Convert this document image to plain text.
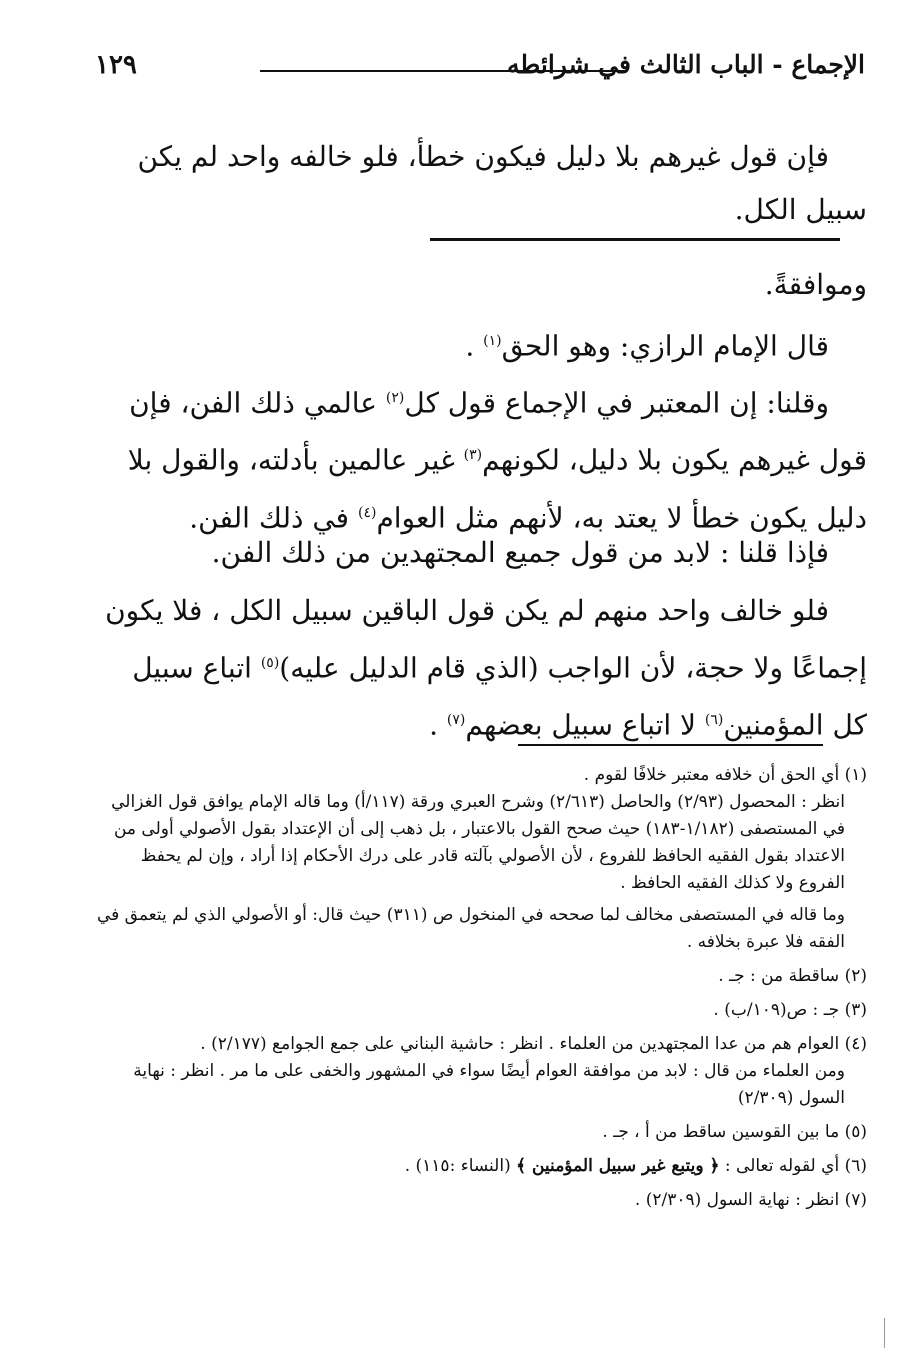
الإجماع - الباب الثالث في شرائطه
١٢٩
فإن قول غيرهم بلا دليل فيكون خطأ، فلو خالفه واحد لم يكن سبيل الكل.
وموافقةً.
قال الإمام الرازي: وهو الحق$^{(١)}$ .
وقلنا: إن المعتبر في الإجماع قول كل$^{(٢)}$ عالمي ذلك الفن، فإن قول غيرهم يكون بلا دليل، لكونهم$^{(٣)}$ غير عالمين بأدلته، والقول بلا دليل يكون خطأ لا يعتد به، لأنهم مثل العوام$^{(٤)}$ في ذلك الفن.
فإذا قلنا : لابد من قول جميع المجتهدين من ذلك الفن.
فلو خالف واحد منهم لم يكن قول الباقين سبيل الكل ، فلا يكون إجماعًا ولا حجة، لأن الواجب (الذي قام الدليل عليه)$^{(٥)}$ اتباع سبيل كل المؤمنين$^{(٦)}$ لا اتباع سبيل بعضهم$^{(٧)}$ .

(١) أي الحق أن خلافه معتبر خلافًا لقوم .

انظر : المحصول (٢/٩٣) والحاصل (٢/٦١٣) وشرح العبري ورقة (١١٧/أ) وما قاله الإمام يوافق قول الغزالي في المستصفى (١/١٨٢-١٨٣) حيث صحح القول بالاعتبار ، بل ذهب إلى أن الإعتداد بقول الأصولي أولى من الاعتداد بقول الفقيه الحافظ للفروع ، لأن الأصولي بآلته قادر على درك الأحكام إذا أراد ، وإن لم يحفظ الفروع ولا كذلك الفقيه الحافظ .

وما قاله في المستصفى مخالف لما صححه في المنخول ص (٣١١) حيث قال: أو الأصولي الذي لم يتعمق في الفقه فلا عبرة بخلافه .

(٢) ساقطة من : جـ .

(٣) جـ : ص(١٠٩/ب) .

(٤) العوام هم من عدا المجتهدين من العلماء . انظر : حاشية البناني على جمع الجوامع (٢/١٧٧) .

ومن العلماء من قال : لابد من موافقة العوام أيضًا سواء في المشهور والخفى على ما مر . انظر : نهاية السول (٢/٣٠٩)

(٥) ما بين القوسين ساقط من أ ، جـ .

(٦) أي لقوله تعالى : ﴿ ويتبع غير سبيل المؤمنين ﴾ (النساء :١١٥) .

(٧) انظر : نهاية السول (٢/٣٠٩) .
